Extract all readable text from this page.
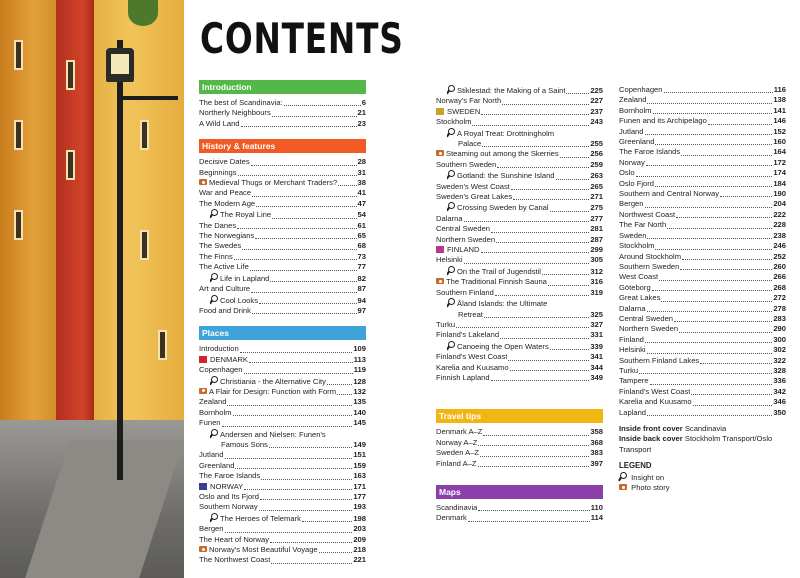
CONTENTS
Introduction
The best of Scandinavia:	6
Northerly Neighbours	21
A Wild Land	23
History & features
Decisive Dates	28
Beginnings	31
Medieval Thugs or Merchant Traders?	38
War and Peace	41
The Modern Age	47
The Royal Line	54
The Danes	61
The Norwegians	65
The Swedes	68
The Finns	73
The Active Life	77
Life in Lapland	82
Art and Culture	87
Cool Looks	94
Food and Drink	97
Places
Introduction	109
DENMARK	113
Copenhagen	119
Christiania - the Alternative City	128
A Flair for Design: Function with Form 132
Zealand	135
Bornholm	140
Funen	145
Andersen and Nielsen: Funen's
Famous Sons	149
Jutland	151
Greenland	159
The Faroe Islands	163
NORWAY	171
Oslo and Its Fjord	177
Southern Norway	193
The Heroes of Telemark	198
Bergen	203
The Heart of Norway	209
Norway's Most Beautiful Voyage	218
The Northwest Coast	221
Stiklestad: the Making of a Saint	225
Norway's Far North	227
SWEDEN	237
Stockholm	243
A Royal Treat: Drottningholm
Palace	255
Steaming out among the Skerries	256
Southern Sweden	259
Gotland: the Sunshine Island	263
Sweden's West Coast	265
Sweden's Great Lakes	271
Crossing Sweden by Canal	275
Dalarna	277
Central Sweden	281
Northern Sweden	287
FINLAND	299
Helsinki	305
On the Trail of Jugendstil	312
The Traditional Finnish Sauna	316
Southern Finland	319
Åland Islands: the Ultimate
Retreat	325
Turku	327
Finland's Lakeland	331
Canoeing the Open Waters	339
Finland's West Coast	341
Karelia and Kuusamo	344
Finnish Lapland	349
Travel tips
Denmark A–Z	358
Norway A–Z	368
Sweden A–Z	383
Finland A–Z	397
Maps
Scandinavia	110
Denmark	114
Copenhagen	116
Zealand	138
Bornholm	141
Funen and its Archipelago	146
Jutland	152
Greenland	160
The Faroe Islands	164
Norway	172
Oslo	174
Oslo Fjord	184
Southern and Central Norway	190
Bergen	204
Northwest Coast	222
The Far North	228
Sweden	238
Stockholm	246
Around Stockholm	252
Southern Sweden	260
West Coast	266
Göteborg	268
Great Lakes	272
Dalarna	278
Central Sweden	283
Northern Sweden	290
Finland	300
Helsinki	302
Southern Finland Lakes	322
Turku	328
Tampere	336
Finland's West Coast	342
Karelia and Kuusamo	346
Lapland	350
Inside front cover Scandinavia
Inside back cover Stockholm Transport/Oslo Transport
LEGEND
Insight on
Photo story
